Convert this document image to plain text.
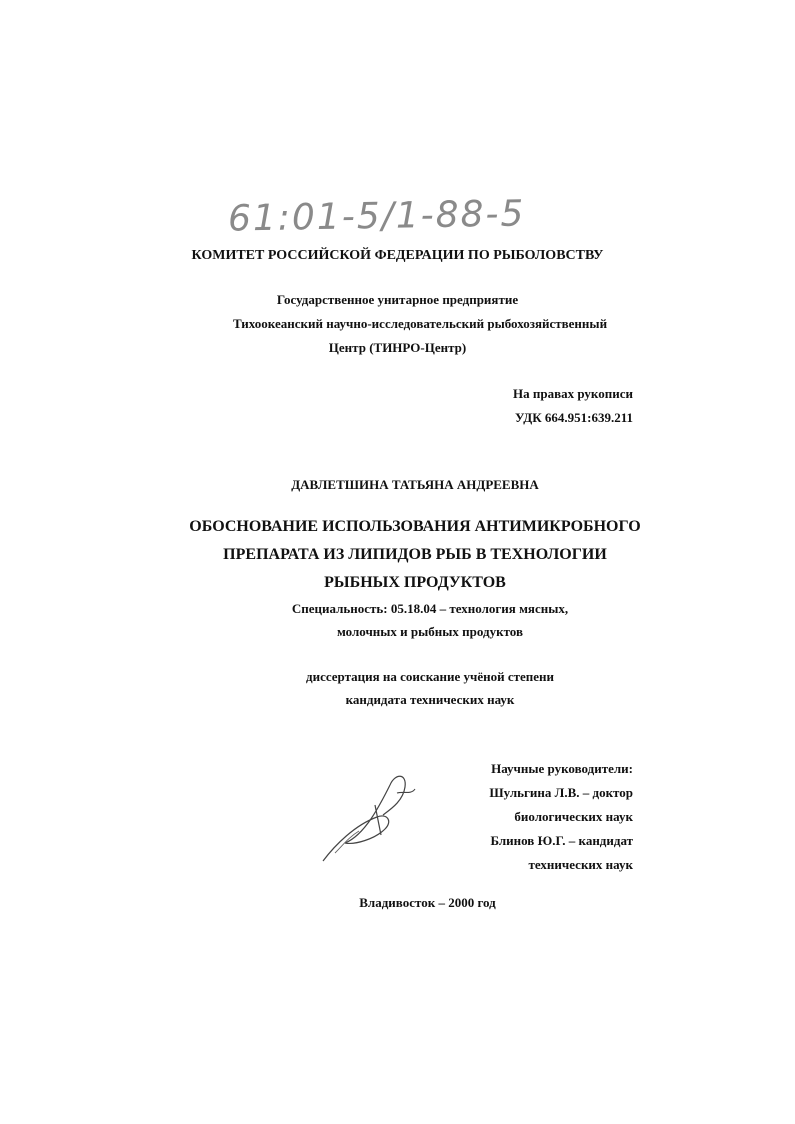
61:01-5/1-88-5
КОМИТЕТ РОССИЙСКОЙ ФЕДЕРАЦИИ ПО РЫБОЛОВСТВУ
Государственное унитарное предприятие
Тихоокеанский научно-исследовательский рыбохозяйственный
Центр (ТИНРО-Центр)
На правах рукописи
УДК 664.951:639.211
ДАВЛЕТШИНА ТАТЬЯНА АНДРЕЕВНА
ОБОСНОВАНИЕ ИСПОЛЬЗОВАНИЯ АНТИМИКРОБНОГО
ПРЕПАРАТА ИЗ ЛИПИДОВ РЫБ В ТЕХНОЛОГИИ
РЫБНЫХ ПРОДУКТОВ
Специальность: 05.18.04 – технология мясных,
молочных и рыбных продуктов
диссертация на соискание учёной степени
кандидата технических наук
Научные руководители:
Шульгина Л.В. – доктор
биологических наук
Блинов Ю.Г. – кандидат
технических наук
Владивосток – 2000 год
